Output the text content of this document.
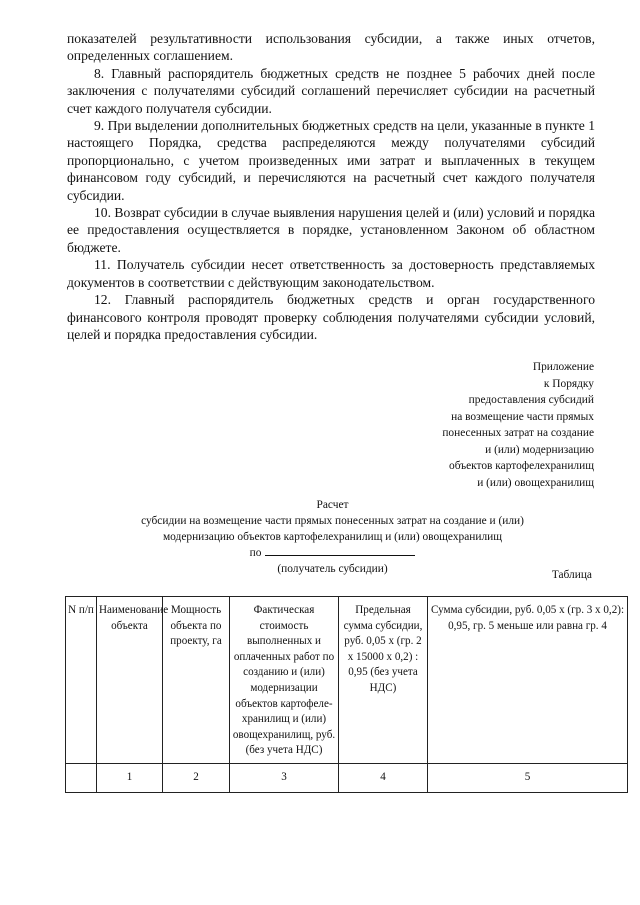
показателей результативности использования субсидии, а также иных отчетов, определенных соглашением.

8. Главный распорядитель бюджетных средств не позднее 5 рабочих дней после заключения с получателями субсидий соглашений перечисляет субсидии на расчетный счет каждого получателя субсидии.

9. При выделении дополнительных бюджетных средств на цели, указанные в пункте 1 настоящего Порядка, средства распределяются между получателями субсидий пропорционально, с учетом произведенных ими затрат и выплаченных в текущем финансовом году субсидий, и перечисляются на расчетный счет каждого получателя субсидии.

10. Возврат субсидии в случае выявления нарушения целей и (или) условий и порядка ее предоставления осуществляется в порядке, установленном Законом об областном бюджете.

11. Получатель субсидии несет ответственность за достоверность представляемых документов в соответствии с действующим законодательством.

12. Главный распорядитель бюджетных средств и орган государственного финансового контроля проводят проверку соблюдения получателями субсидии условий, целей и порядка предоставления субсидии.

Приложение
к Порядку
предоставления субсидий
на возмещение части прямых
понесенных затрат на создание
и (или) модернизацию
объектов картофелехранилищ
и (или) овощехранилищ
Расчет
субсидии на возмещение части прямых понесенных затрат на создание и (или)
модернизацию объектов картофелехранилищ и (или) овощехранилищ
по
(получатель субсидии)	Таблица
N п/п	Наименование объекта	Мощность объекта по проекту, га	Фактическая стоимость выполненных и оплаченных работ по созданию и (или) модернизации объектов картофеле-хранилищ и (или) овощехранилищ, руб. (без учета НДС)	Предельная сумма субсидии, руб. 0,05 x (гр. 2 x 15000 x 0,2) : 0,95 (без учета НДС)	Сумма субсидии, руб. 0,05 x (гр. 3 x 0,2): 0,95, гр. 5 меньше или равна гр. 4
	1	2	3	4	5
